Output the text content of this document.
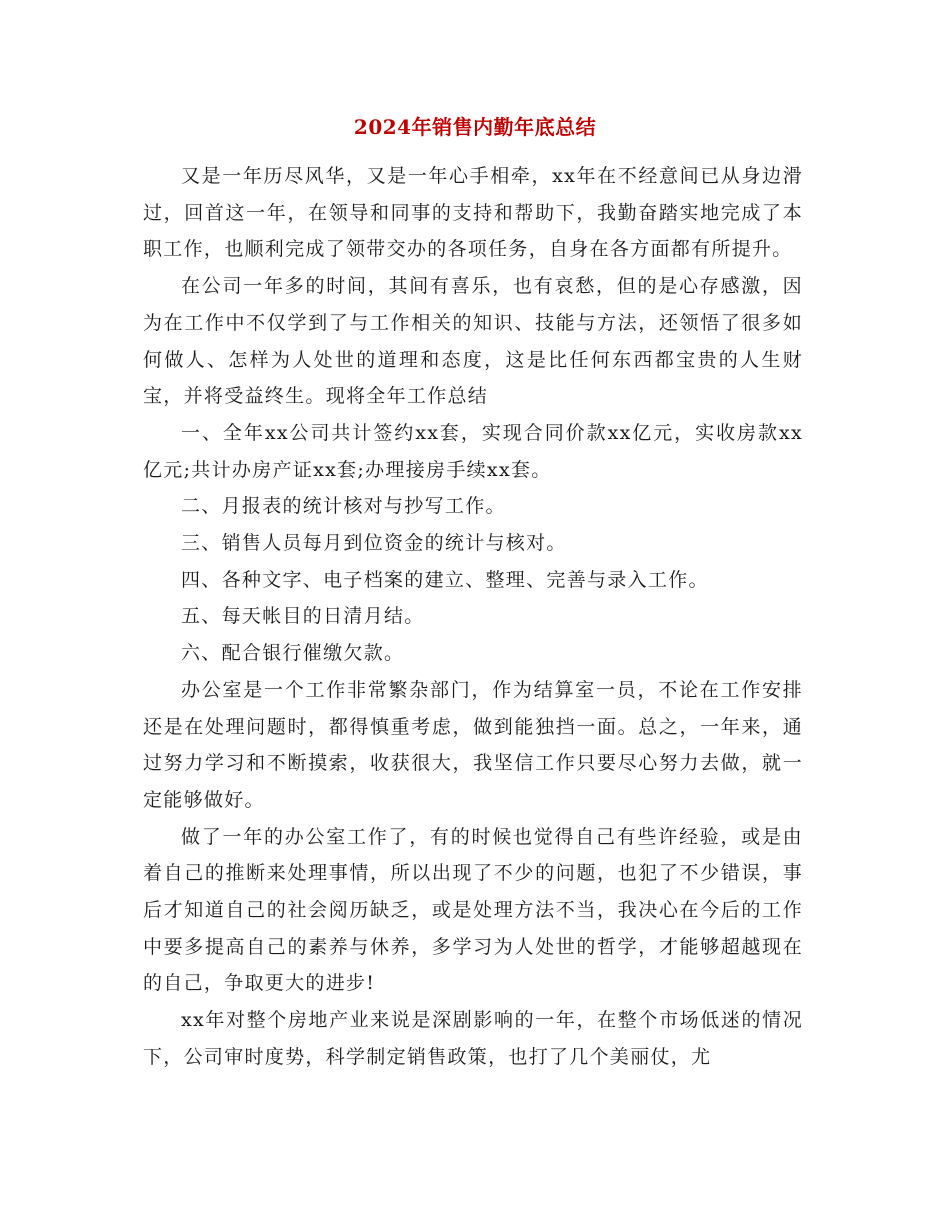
2024年销售内勤年底总结

又是一年历尽风华，又是一年心手相牵，xx年在不经意间已从身边滑过，回首这一年，在领导和同事的支持和帮助下，我勤奋踏实地完成了本职工作，也顺利完成了领带交办的各项任务，自身在各方面都有所提升。

在公司一年多的时间，其间有喜乐，也有哀愁，但的是心存感激，因为在工作中不仅学到了与工作相关的知识、技能与方法，还领悟了很多如何做人、怎样为人处世的道理和态度，这是比任何东西都宝贵的人生财宝，并将受益终生。现将全年工作总结

一、全年xx公司共计签约xx套，实现合同价款xx亿元，实收房款xx亿元;共计办房产证xx套;办理接房手续xx套。

二、月报表的统计核对与抄写工作。

三、销售人员每月到位资金的统计与核对。

四、各种文字、电子档案的建立、整理、完善与录入工作。

五、每天帐目的日清月结。

六、配合银行催缴欠款。

办公室是一个工作非常繁杂部门，作为结算室一员，不论在工作安排还是在处理问题时，都得慎重考虑，做到能独挡一面。总之，一年来，通过努力学习和不断摸索，收获很大，我坚信工作只要尽心努力去做，就一定能够做好。

做了一年的办公室工作了，有的时候也觉得自己有些许经验，或是由着自己的推断来处理事情，所以出现了不少的问题，也犯了不少错误，事后才知道自己的社会阅历缺乏，或是处理方法不当，我决心在今后的工作中要多提高自己的素养与休养，多学习为人处世的哲学，才能够超越现在的自己，争取更大的进步!

xx年对整个房地产业来说是深剧影响的一年，在整个市场低迷的情况下，公司审时度势，科学制定销售政策，也打了几个美丽仗，尤
